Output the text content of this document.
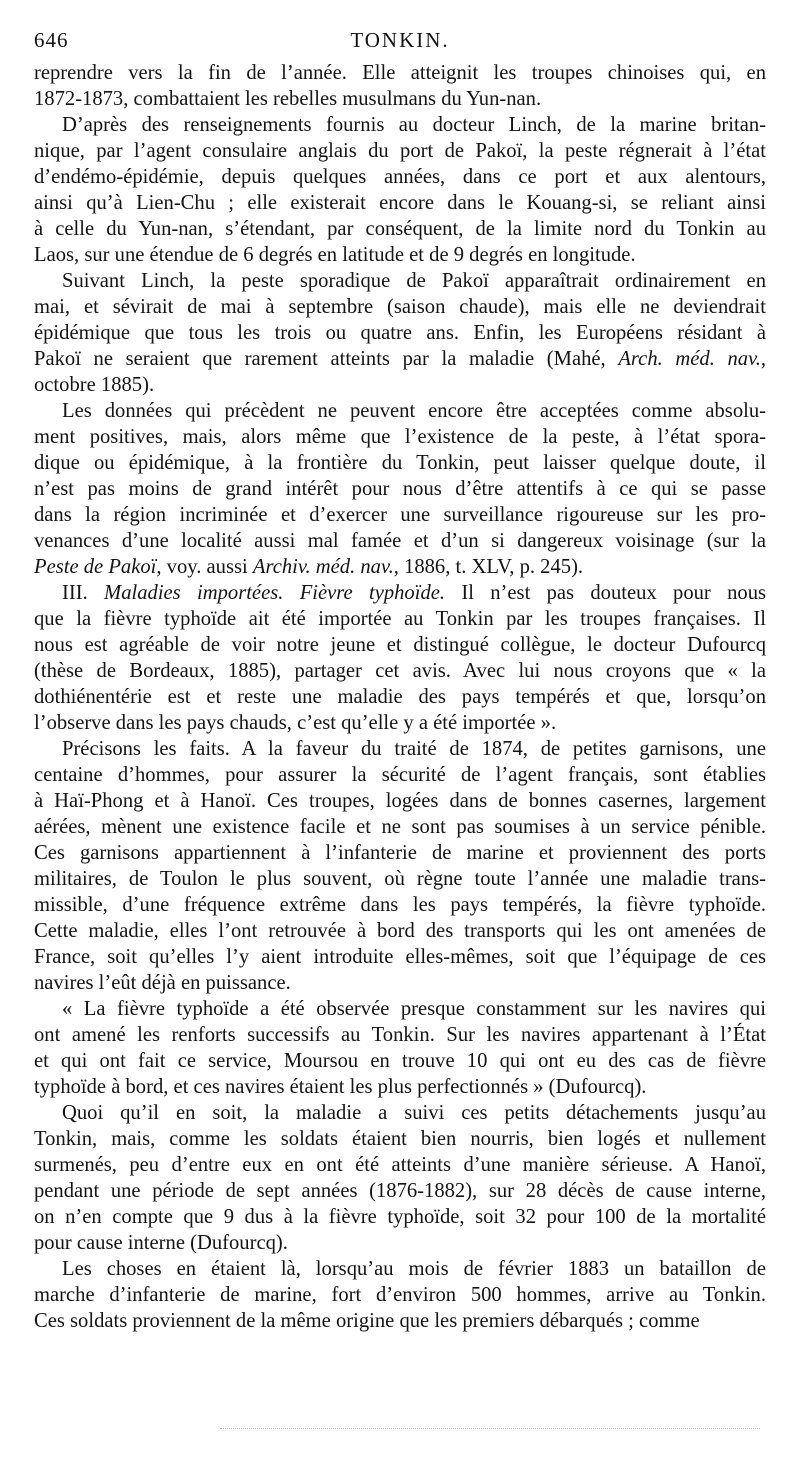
646	TONKIN.

reprendre vers la fin de l’année. Elle atteignit les troupes chinoises qui, en
1872-1873, combattaient les rebelles musulmans du Yun-nan.

D’après des renseignements fournis au docteur Linch, de la marine britan-
nique, par l’agent consulaire anglais du port de Pakoï, la peste régnerait à l’état
d’endémo-épidémie, depuis quelques années, dans ce port et aux alentours,
ainsi qu’à Lien-Chu ; elle existerait encore dans le Kouang-si, se reliant ainsi
à celle du Yun-nan, s’étendant, par conséquent, de la limite nord du Tonkin au
Laos, sur une étendue de 6 degrés en latitude et de 9 degrés en longitude.

Suivant Linch, la peste sporadique de Pakoï apparaîtrait ordinairement en
mai, et sévirait de mai à septembre (saison chaude), mais elle ne deviendrait
épidémique que tous les trois ou quatre ans. Enfin, les Européens résidant à
Pakoï ne seraient que rarement atteints par la maladie (Mahé, Arch. méd. nav.,
octobre 1885).

Les données qui précèdent ne peuvent encore être acceptées comme absolu-
ment positives, mais, alors même que l’existence de la peste, à l’état spora-
dique ou épidémique, à la frontière du Tonkin, peut laisser quelque doute, il
n’est pas moins de grand intérêt pour nous d’être attentifs à ce qui se passe
dans la région incriminée et d’exercer une surveillance rigoureuse sur les pro-
venances d’une localité aussi mal famée et d’un si dangereux voisinage (sur la
Peste de Pakoï, voy. aussi Archiv. méd. nav., 1886, t. XLV, p. 245).

III. Maladies importées. Fièvre typhoïde. Il n’est pas douteux pour nous
que la fièvre typhoïde ait été importée au Tonkin par les troupes françaises. Il
nous est agréable de voir notre jeune et distingué collègue, le docteur Dufourcq
(thèse de Bordeaux, 1885), partager cet avis. Avec lui nous croyons que « la
dothiénentérie est et reste une maladie des pays tempérés et que, lorsqu’on
l’observe dans les pays chauds, c’est qu’elle y a été importée ».

Précisons les faits. A la faveur du traité de 1874, de petites garnisons, une
centaine d’hommes, pour assurer la sécurité de l’agent français, sont établies
à Haï-Phong et à Hanoï. Ces troupes, logées dans de bonnes casernes, largement
aérées, mènent une existence facile et ne sont pas soumises à un service pénible.
Ces garnisons appartiennent à l’infanterie de marine et proviennent des ports
militaires, de Toulon le plus souvent, où règne toute l’année une maladie trans-
missible, d’une fréquence extrême dans les pays tempérés, la fièvre typhoïde.
Cette maladie, elles l’ont retrouvée à bord des transports qui les ont amenées de
France, soit qu’elles l’y aient introduite elles-mêmes, soit que l’équipage de ces
navires l’eût déjà en puissance.

« La fièvre typhoïde a été observée presque constamment sur les navires qui
ont amené les renforts successifs au Tonkin. Sur les navires appartenant à l’État
et qui ont fait ce service, Moursou en trouve 10 qui ont eu des cas de fièvre
typhoïde à bord, et ces navires étaient les plus perfectionnés » (Dufourcq).

Quoi qu’il en soit, la maladie a suivi ces petits détachements jusqu’au
Tonkin, mais, comme les soldats étaient bien nourris, bien logés et nullement
surmenés, peu d’entre eux en ont été atteints d’une manière sérieuse. A Hanoï,
pendant une période de sept années (1876-1882), sur 28 décès de cause interne,
on n’en compte que 9 dus à la fièvre typhoïde, soit 32 pour 100 de la mortalité
pour cause interne (Dufourcq).

Les choses en étaient là, lorsqu’au mois de février 1883 un bataillon de
marche d’infanterie de marine, fort d’environ 500 hommes, arrive au Tonkin.
Ces soldats proviennent de la même origine que les premiers débarqués ; comme
